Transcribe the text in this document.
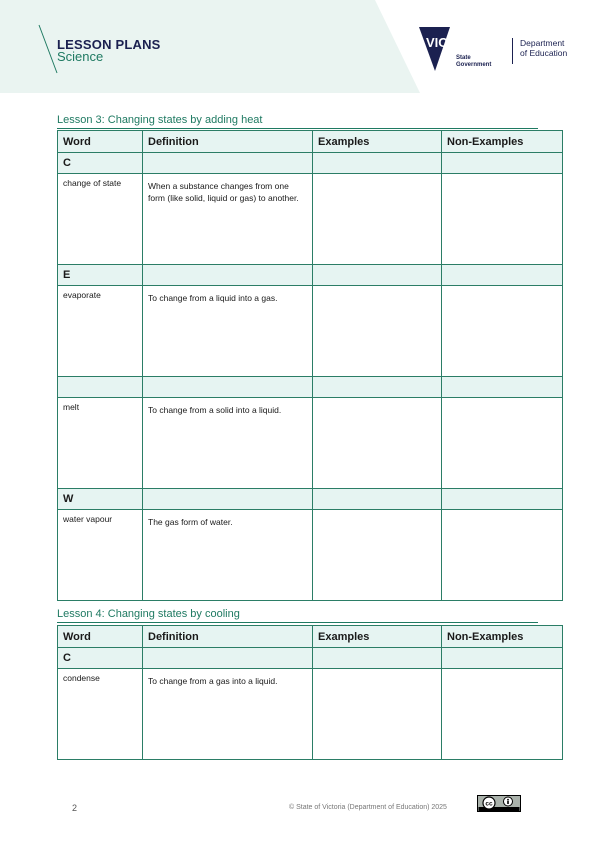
LESSON PLANS
Science
VICTORIA
State
Government
Department
of Education
Lesson 3: Changing states by adding heat
Word	Definition	Examples	Non-Examples
C			
change of state	When a substance changes from one form (like solid, liquid or gas) to another.		
E			
evaporate	To change from a liquid into a gas.		

melt	To change from a solid into a liquid.		
W			
water vapour	The gas form of water.		
Lesson 4: Changing states by cooling
Word	Definition	Examples	Non-Examples
C			
condense	To change from a gas into a liquid.		
2	© State of Victoria (Department of Education) 2025	cc
